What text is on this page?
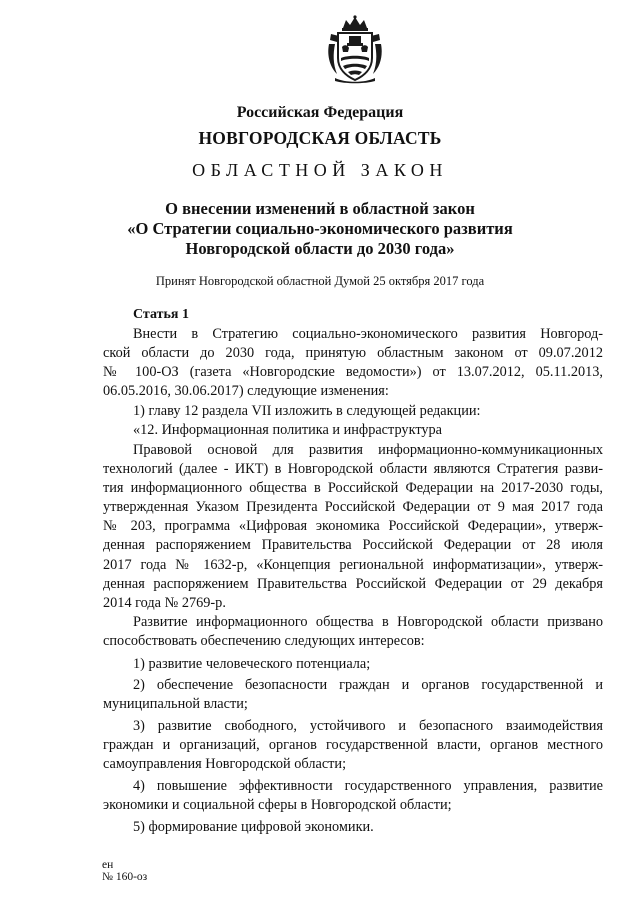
Российская Федерация
НОВГОРОДСКАЯ ОБЛАСТЬ
ОБЛАСТНОЙ ЗАКОН
О внесении изменений в областной закон
«О Стратегии социально-экономического развития
Новгородской области до 2030 года»
Принят Новгородской областной Думой 25 октября 2017 года
Статья 1
Внести в Стратегию социально-экономического развития Новгород-
ской области до 2030 года, принятую областным законом от 09.07.2012
№ 100-ОЗ (газета «Новгородские ведомости») от 13.07.2012, 05.11.2013,
06.05.2016, 30.06.2017) следующие изменения:
1) главу 12 раздела VII изложить в следующей редакции:
«12. Информационная политика и инфраструктура
Правовой основой для развития информационно-коммуникационных
технологий (далее - ИКТ) в Новгородской области являются Стратегия разви-
тия информационного общества в Российской Федерации на 2017-2030 годы,
утвержденная Указом Президента Российской Федерации от 9 мая 2017 года
№ 203, программа «Цифровая экономика Российской Федерации», утверж-
денная распоряжением Правительства Российской Федерации от 28 июля
2017 года № 1632-р, «Концепция региональной информатизации», утверж-
денная распоряжением Правительства Российской Федерации от 29 декабря
2014 года № 2769-р.
Развитие информационного общества в Новгородской области призвано
способствовать обеспечению следующих интересов:
1) развитие человеческого потенциала;
2) обеспечение безопасности граждан и органов государственной и
муниципальной власти;
3) развитие свободного, устойчивого и безопасного взаимодействия
граждан и организаций, органов государственной власти, органов местного
самоуправления Новгородской области;
4) повышение эффективности государственного управления, развитие
экономики и социальной сферы в Новгородской области;
5) формирование цифровой экономики.
ен
№ 160-оз
